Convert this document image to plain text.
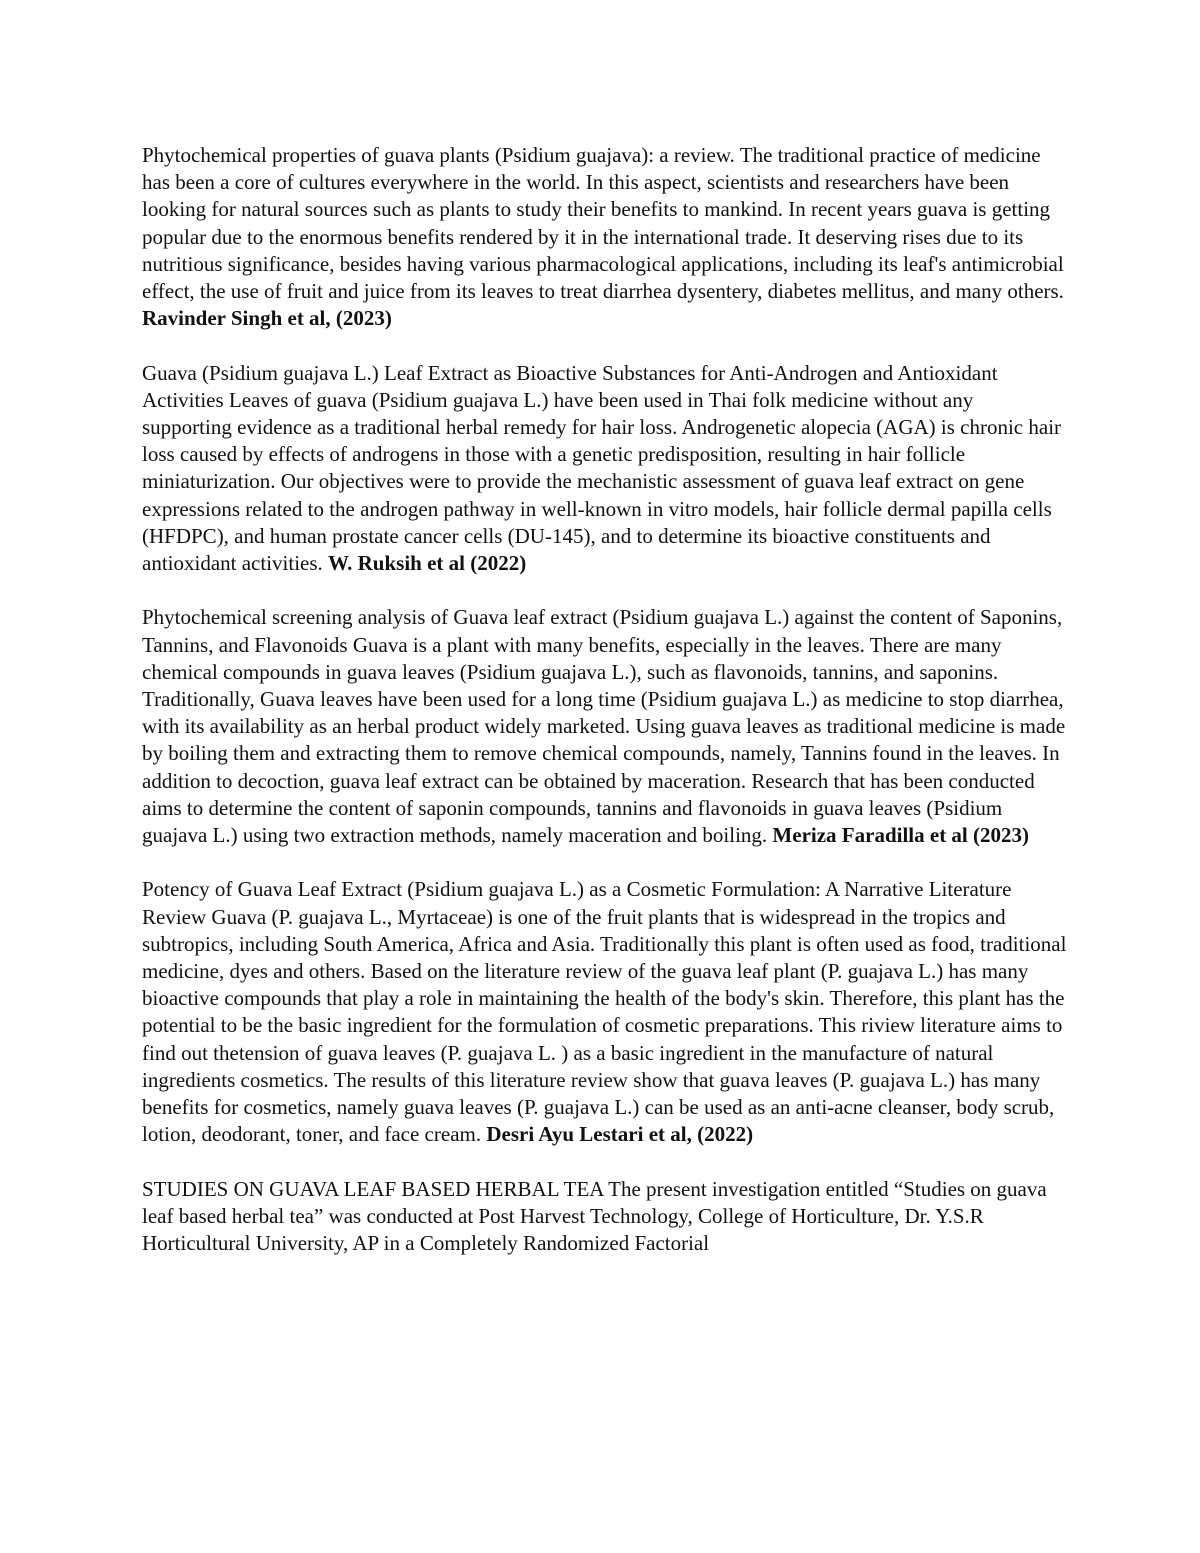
Phytochemical properties of guava plants (Psidium guajava): a review. The traditional practice of medicine has been a core of cultures everywhere in the world. In this aspect, scientists and researchers have been looking for natural sources such as plants to study their benefits to mankind. In recent years guava is getting popular due to the enormous benefits rendered by it in the international trade. It deserving rises due to its nutritious significance, besides having various pharmacological applications, including its leaf's antimicrobial effect, the use of fruit and juice from its leaves to treat diarrhea dysentery, diabetes mellitus, and many others. Ravinder Singh et al, (2023)

Guava (Psidium guajava L.) Leaf Extract as Bioactive Substances for Anti-Androgen and Antioxidant Activities Leaves of guava (Psidium guajava L.) have been used in Thai folk medicine without any supporting evidence as a traditional herbal remedy for hair loss. Androgenetic alopecia (AGA) is chronic hair loss caused by effects of androgens in those with a genetic predisposition, resulting in hair follicle miniaturization. Our objectives were to provide the mechanistic assessment of guava leaf extract on gene expressions related to the androgen pathway in well-known in vitro models, hair follicle dermal papilla cells (HFDPC), and human prostate cancer cells (DU-145), and to determine its bioactive constituents and antioxidant activities. W. Ruksih et al (2022)

Phytochemical screening analysis of Guava leaf extract (Psidium guajava L.) against the content of Saponins, Tannins, and Flavonoids Guava is a plant with many benefits, especially in the leaves. There are many chemical compounds in guava leaves (Psidium guajava L.), such as flavonoids, tannins, and saponins. Traditionally, Guava leaves have been used for a long time (Psidium guajava L.) as medicine to stop diarrhea, with its availability as an herbal product widely marketed. Using guava leaves as traditional medicine is made by boiling them and extracting them to remove chemical compounds, namely, Tannins found in the leaves. In addition to decoction, guava leaf extract can be obtained by maceration. Research that has been conducted aims to determine the content of saponin compounds, tannins and flavonoids in guava leaves (Psidium guajava L.) using two extraction methods, namely maceration and boiling. Meriza Faradilla et al (2023)

Potency of Guava Leaf Extract (Psidium guajava L.) as a Cosmetic Formulation: A Narrative Literature Review Guava (P. guajava L., Myrtaceae) is one of the fruit plants that is widespread in the tropics and subtropics, including South America, Africa and Asia. Traditionally this plant is often used as food, traditional medicine, dyes and others. Based on the literature review of the guava leaf plant (P. guajava L.) has many bioactive compounds that play a role in maintaining the health of the body's skin. Therefore, this plant has the potential to be the basic ingredient for the formulation of cosmetic preparations. This riview literature aims to find out thetension of guava leaves (P. guajava L. ) as a basic ingredient in the manufacture of natural ingredients cosmetics. The results of this literature review show that guava leaves (P. guajava L.) has many benefits for cosmetics, namely guava leaves (P. guajava L.) can be used as an anti-acne cleanser, body scrub, lotion, deodorant, toner, and face cream. Desri Ayu Lestari et al, (2022)

STUDIES ON GUAVA LEAF BASED HERBAL TEA The present investigation entitled “Studies on guava leaf based herbal tea” was conducted at Post Harvest Technology, College of Horticulture, Dr. Y.S.R Horticultural University, AP in a Completely Randomized Factorial
